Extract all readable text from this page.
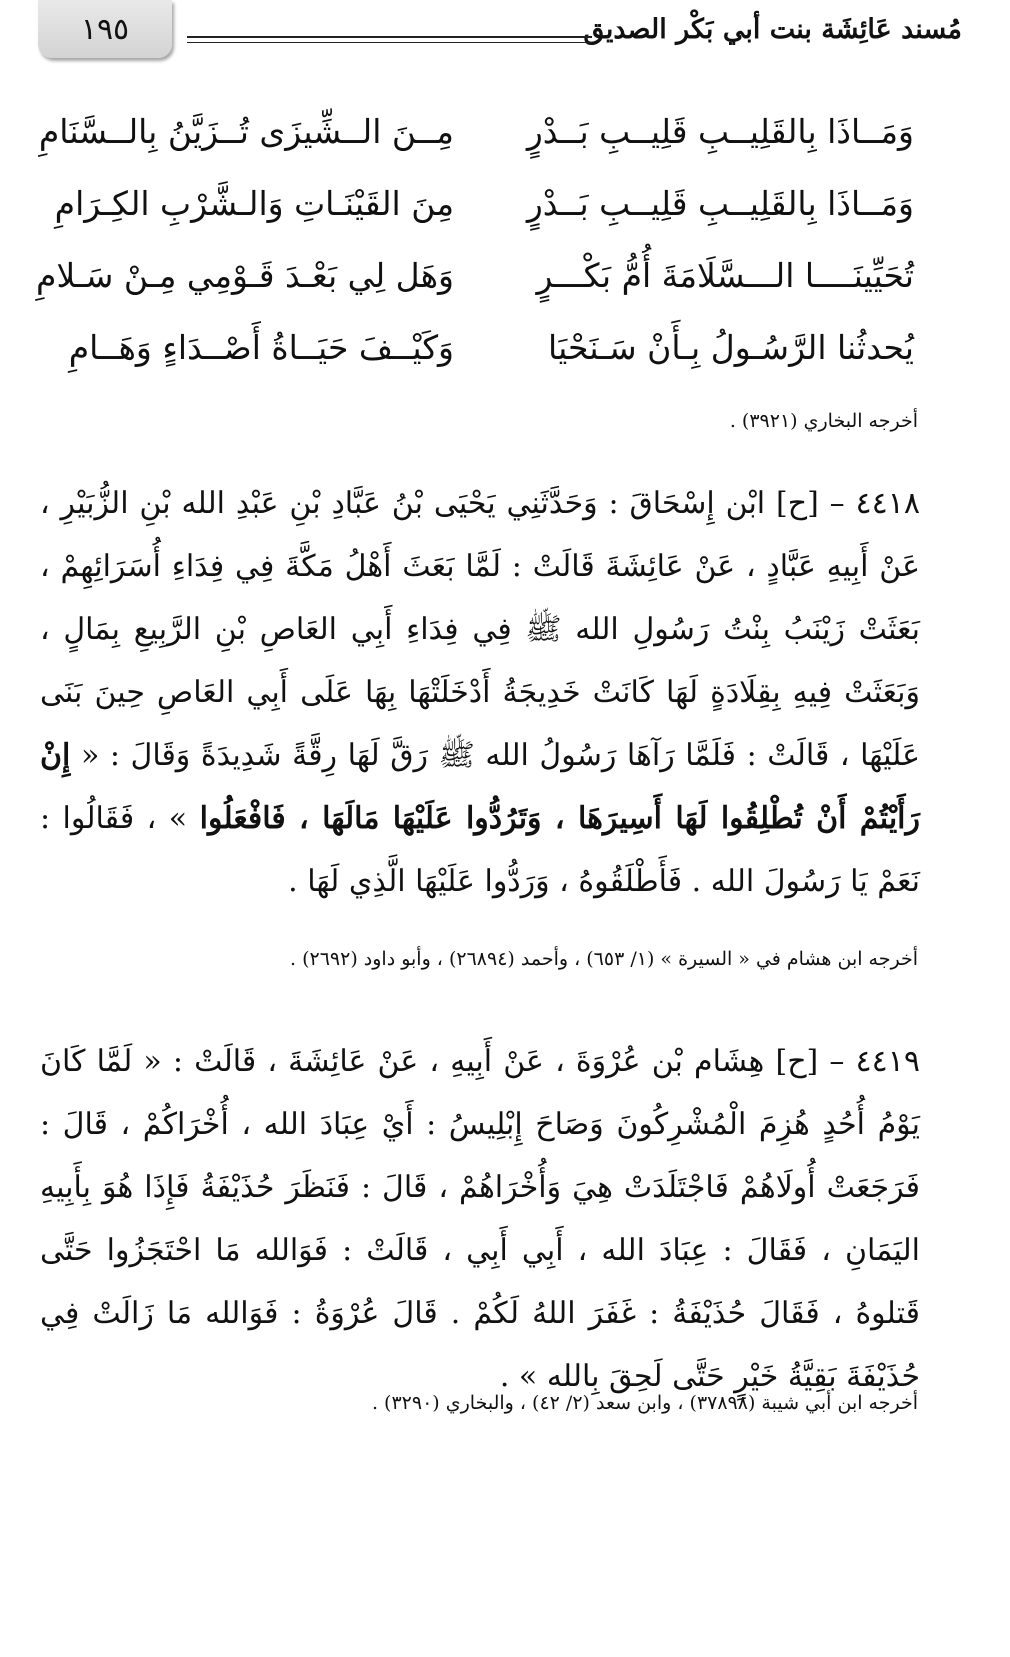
مُسند عَائِشَة بنت أبي بَكْر الصديق
١٩٥
وَمَــاذَا بِالقَلِيــبِ قَلِيــبِ بَــدْرٍ
مِــنَ الــشِّيزَى تُــزَيَّنُ بِالــسَّنَامِ
وَمَــاذَا بِالقَلِيــبِ قَلِيــبِ بَــدْرٍ
مِنَ القَيْنَـاتِ وَالـشَّرْبِ الكِـرَامِ
تُحَيِّينَــــا الـــسَّلَامَةَ أُمُّ بَكْـــرٍ
وَهَل لِي بَعْـدَ قَـوْمِي مِـنْ سَـلامِ
يُحدثُنا الرَّسُـولُ بِـأَنْ سَـنَحْيَا
وَكَيْــفَ حَيَــاةُ أَصْــدَاءٍ وَهَــامِ
أخرجه البخاري (٣٩٢١) .
٤٤١٨ – [ح] ابْن إِسْحَاقَ : وَحَدَّثَنِي يَحْيَى بْنُ عَبَّادِ بْنِ عَبْدِ الله بْنِ الزُّبَيْرِ ، عَنْ أَبِيهِ عَبَّادٍ ، عَنْ عَائِشَةَ قَالَتْ : لَمَّا بَعَثَ أَهْلُ مَكَّةَ فِي فِدَاءِ أُسَرَائِهِمْ ، بَعَثَتْ زَيْنَبُ بِنْتُ رَسُولِ الله ﷺ فِي فِدَاءِ أَبِي العَاصِ بْنِ الرَّبِيعِ بِمَالٍ ، وَبَعَثَتْ فِيهِ بِقِلَادَةٍ لَهَا كَانَتْ خَدِيجَةُ أَدْخَلَتْهَا بِهَا عَلَى أَبِي العَاصِ حِينَ بَنَى عَلَيْهَا ، قَالَتْ : فَلَمَّا رَآهَا رَسُولُ الله ﷺ رَقَّ لَهَا رِقَّةً شَدِيدَةً وَقَالَ : « إِنْ رَأَيْتُمْ أَنْ تُطْلِقُوا لَهَا أَسِيرَهَا ، وَتَرُدُّوا عَلَيْهَا مَالَهَا ، فَافْعَلُوا » ، فَقَالُوا : نَعَمْ يَا رَسُولَ الله . فَأَطْلَقُوهُ ، وَرَدُّوا عَلَيْهَا الَّذِي لَهَا .
أخرجه ابن هشام في « السيرة » (١/ ٦٥٣) ، وأحمد (٢٦٨٩٤) ، وأبو داود (٢٦٩٢) .
٤٤١٩ – [ح] هِشَام بْن عُرْوَةَ ، عَنْ أَبِيهِ ، عَنْ عَائِشَةَ ، قَالَتْ : « لَمَّا كَانَ يَوْمُ أُحُدٍ هُزِمَ الْمُشْرِكُونَ وَصَاحَ إِبْلِيسُ : أَيْ عِبَادَ الله ، أُخْرَاكُمْ ، قَالَ : فَرَجَعَتْ أُولَاهُمْ فَاجْتَلَدَتْ هِيَ وَأُخْرَاهُمْ ، قَالَ : فَنَظَرَ حُذَيْفَةُ فَإِذَا هُوَ بِأَبِيهِ اليَمَانِ ، فَقَالَ : عِبَادَ الله ، أَبِي أَبِي ، قَالَتْ : فَوَالله مَا احْتَجَزُوا حَتَّى قَتلوهُ ، فَقَالَ حُذَيْفَةُ : غَفَرَ اللهُ لَكُمْ . قَالَ عُرْوَةُ : فَوَالله مَا زَالَتْ فِي حُذَيْفَةَ بَقِيَّةُ خَيْرٍ حَتَّى لَحِقَ بِالله » .
أخرجه ابن أبي شيبة (٣٧٨٩٨) ، وابن سعد (٢/ ٤٢) ، والبخاري (٣٢٩٠) .
